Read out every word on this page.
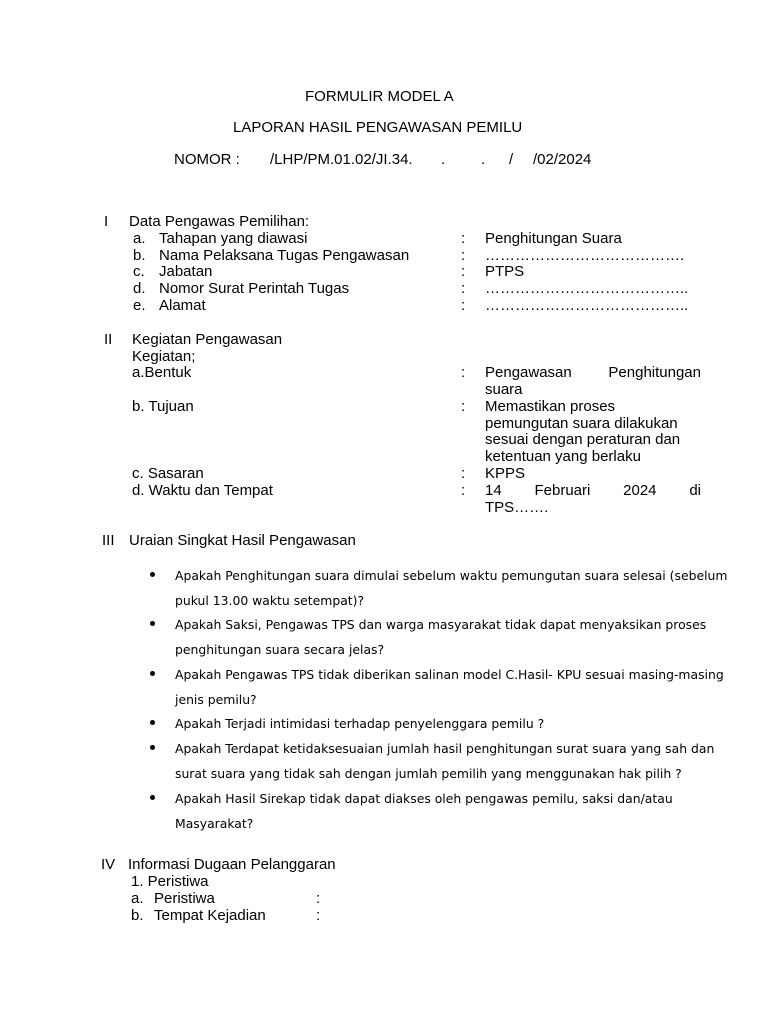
FORMULIR MODEL A
LAPORAN HASIL PENGAWASAN PEMILU
NOMOR : /LHP/PM.01.02/JI.34. . . / /02/2024
I Data Pengawas Pemilihan:
a. Tahapan yang diawasi	: Penghitungan Suara
b. Nama Pelaksana Tugas Pengawasan	: ………………………………….
c. Jabatan	: PTPS
d. Nomor Surat Perintah Tugas	: …………………………………..
e. Alamat	: …………………………………..
II Kegiatan Pengawasan
Kegiatan;
a.Bentuk	: Pengawasan Penghitungan
suara
b. Tujuan	: Memastikan proses
pemungutan suara dilakukan
sesuai dengan peraturan dan
ketentuan yang berlaku
c. Sasaran	: KPPS
d. Waktu dan Tempat	: 14 Februari 2024 di
TPS…….
III Uraian Singkat Hasil Pengawasan
Apakah Penghitungan suara dimulai sebelum waktu pemungutan suara selesai (sebelum
pukul 13.00 waktu setempat)?
Apakah Saksi, Pengawas TPS dan warga masyarakat tidak dapat menyaksikan proses
penghitungan suara secara jelas?
Apakah Pengawas TPS tidak diberikan salinan model C.Hasil- KPU sesuai masing-masing
jenis pemilu?
Apakah Terjadi intimidasi terhadap penyelenggara pemilu ?
Apakah Terdapat ketidaksesuaian jumlah hasil penghitungan surat suara yang sah dan
surat suara yang tidak sah dengan jumlah pemilih yang menggunakan hak pilih ?
Apakah Hasil Sirekap tidak dapat diakses oleh pengawas pemilu, saksi dan/atau
Masyarakat?
IV Informasi Dugaan Pelanggaran
1. Peristiwa
a. Peristiwa	:
b. Tempat Kejadian	:
